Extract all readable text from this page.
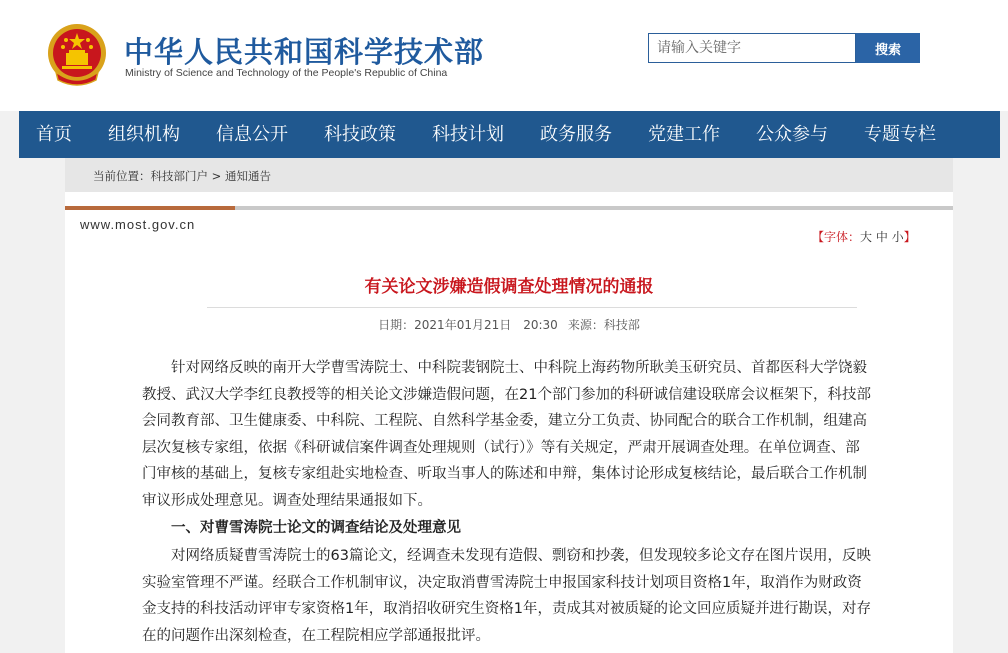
中华人民共和国科学技术部
Ministry of Science and Technology of the People's Republic of China
请输入关键字
搜索
首页 组织机构 信息公开 科技政策 科技计划 政务服务 党建工作 公众参与 专题专栏
当前位置：科技部门户 > 通知通告
www.most.gov.cn
【字体：大 中 小】
有关论文涉嫌造假调查处理情况的通报
日期：2021年01月21日　20:30 来源：科技部

针对网络反映的南开大学曹雪涛院士、中科院裴钢院士、中科院上海药物所耿美玉研究员、首都医科大学饶毅教授、武汉大学李红良教授等的相关论文涉嫌造假问题，在21个部门参加的科研诚信建设联席会议框架下，科技部会同教育部、卫生健康委、中科院、工程院、自然科学基金委，建立分工负责、协同配合的联合工作机制，组建高层次复核专家组，依据《科研诚信案件调查处理规则（试行）》等有关规定，严肃开展调查处理。在单位调查、部门审核的基础上，复核专家组赴实地检查、听取当事人的陈述和申辩，集体讨论形成复核结论，最后联合工作机制审议形成处理意见。调查处理结果通报如下。

一、对曹雪涛院士论文的调查结论及处理意见

对网络质疑曹雪涛院士的63篇论文，经调查未发现有造假、剽窃和抄袭，但发现较多论文存在图片误用，反映实验室管理不严谨。经联合工作机制审议，决定取消曹雪涛院士申报国家科技计划项目资格1年，取消作为财政资金支持的科技活动评审专家资格1年，取消招收研究生资格1年，责成其对被质疑的论文回应质疑并进行勘误，对存在的问题作出深刻检查，在工程院相应学部通报批评。
